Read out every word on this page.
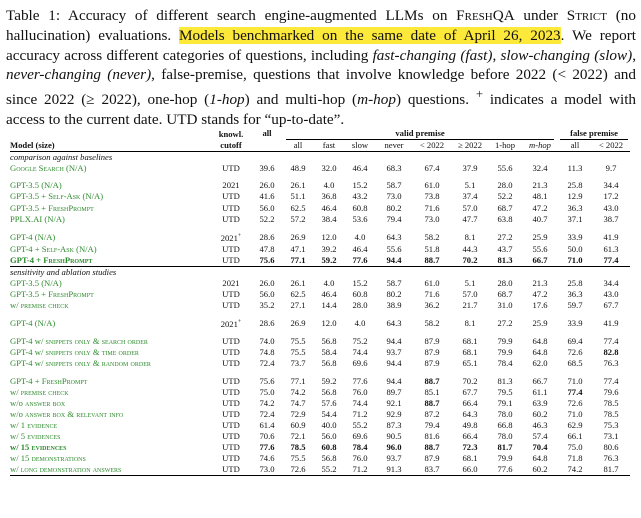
Table 1: Accuracy of different search engine-augmented LLMs on FreshQA under Strict (no hallucination) evaluations. Models benchmarked on the same date of April 26, 2023. We report accuracy across different categories of questions, including fast-changing (fast), slow-changing (slow), never-changing (never), false-premise, questions that involve knowledge before 2022 (< 2022) and since 2022 (≥ 2022), one-hop (1-hop) and multi-hop (m-hop) questions. + indicates a model with access to the current date. UTD stands for “up-to-date”.
Model (size)	knowl.	all	valid premise								false premise	

	cutoff		all	fast	slow	never	< 2022	≥ 2022	1-hop	m-hop	all	< 2022
comparison against baselines												
Google Search (N/A)	UTD	39.6	48.9	32.0	46.4	68.3	67.4	37.9	55.6	32.4	11.3	9.7

GPT-3.5 (N/A)	2021	26.0	26.1	4.0	15.2	58.7	61.0	5.1	28.0	21.3	25.8	34.4
GPT-3.5 + Self-Ask (N/A)	UTD	41.6	51.1	36.8	43.2	73.0	73.8	37.4	52.2	48.1	12.9	17.2
GPT-3.5 + FreshPrompt	UTD	56.0	62.5	46.4	60.8	80.2	71.6	57.0	68.7	47.2	36.3	43.0
PPLX.AI (N/A)	UTD	52.2	57.2	38.4	53.6	79.4	73.0	47.7	63.8	40.7	37.1	38.7

GPT-4 (N/A)	2021+	28.6	26.9	12.0	4.0	64.3	58.2	8.1	27.2	25.9	33.9	41.9
GPT-4 + Self-Ask (N/A)	UTD	47.8	47.1	39.2	46.4	55.6	51.8	44.3	43.7	55.6	50.0	61.3
GPT-4 + FreshPrompt	UTD	75.6	77.1	59.2	77.6	94.4	88.7	70.2	81.3	66.7	71.0	77.4
sensitivity and ablation studies												
GPT-3.5 (N/A)	2021	26.0	26.1	4.0	15.2	58.7	61.0	5.1	28.0	21.3	25.8	34.4
GPT-3.5 + FreshPrompt	UTD	56.0	62.5	46.4	60.8	80.2	71.6	57.0	68.7	47.2	36.3	43.0
w/ premise check	UTD	35.2	27.1	14.4	28.0	38.9	36.2	21.7	31.0	17.6	59.7	67.7

GPT-4 (N/A)	2021+	28.6	26.9	12.0	4.0	64.3	58.2	8.1	27.2	25.9	33.9	41.9

GPT-4 w/ snippets only & search order	UTD	74.0	75.5	56.8	75.2	94.4	87.9	68.1	79.9	64.8	69.4	77.4
GPT-4 w/ snippets only & time order	UTD	74.8	75.5	58.4	74.4	93.7	87.9	68.1	79.9	64.8	72.6	82.8
GPT-4 w/ snippets only & random order	UTD	72.4	73.7	56.8	69.6	94.4	87.9	65.1	78.4	62.0	68.5	76.3

GPT-4 + FreshPrompt	UTD	75.6	77.1	59.2	77.6	94.4	88.7	70.2	81.3	66.7	71.0	77.4
w/ premise check	UTD	75.0	74.2	56.8	76.0	89.7	85.1	67.7	79.5	61.1	77.4	79.6
w/o answer box	UTD	74.2	74.7	57.6	74.4	92.1	88.7	66.4	79.1	63.9	72.6	78.5
w/o answer box & relevant info	UTD	72.4	72.9	54.4	71.2	92.9	87.2	64.3	78.0	60.2	71.0	78.5
w/ 1 evidence	UTD	61.4	60.9	40.0	55.2	87.3	79.4	49.8	66.8	46.3	62.9	75.3
w/ 5 evidences	UTD	70.6	72.1	56.0	69.6	90.5	81.6	66.4	78.0	57.4	66.1	73.1
w/ 15 evidences	UTD	77.6	78.5	60.8	78.4	96.0	88.7	72.3	81.7	70.4	75.0	80.6
w/ 15 demonstrations	UTD	74.6	75.5	56.8	76.0	93.7	87.9	68.1	79.9	64.8	71.8	76.3
w/ long demonstration answers	UTD	73.0	72.6	55.2	71.2	91.3	83.7	66.0	77.6	60.2	74.2	81.7
